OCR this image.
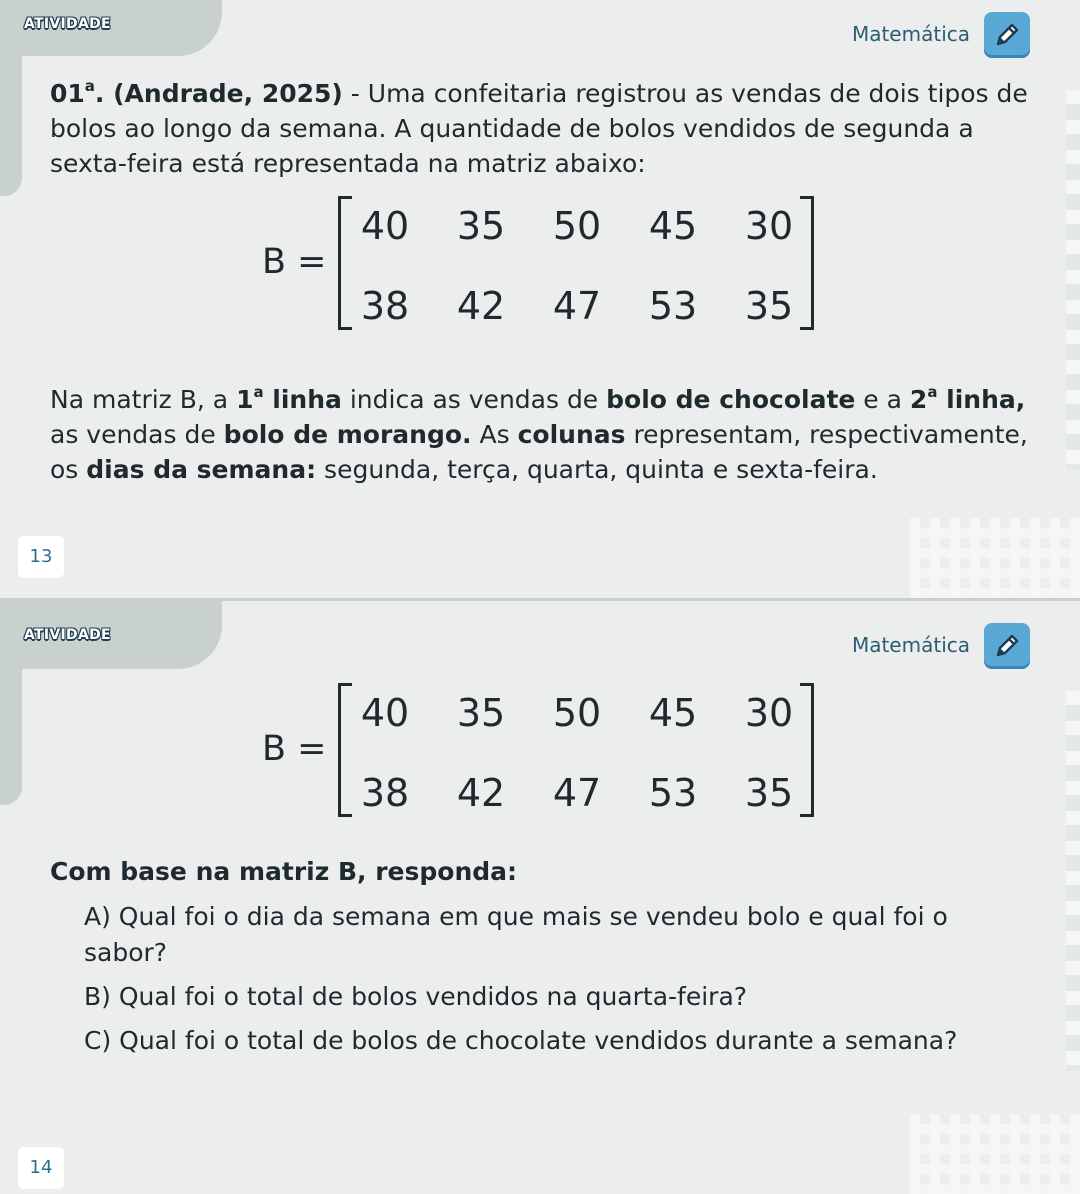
ATIVIDADE	Matemática

01$^a$. (Andrade, 2025) - Uma confeitaria registrou as vendas de dois tipos de bolos ao longo da semana. A quantidade de bolos vendidos de segunda a sexta-feira está representada na matriz abaixo:

B =
40 35 50 45 30
38 42 47 53 35

Na matriz B, a 1$^a$ linha indica as vendas de bolo de chocolate e a 2$^a$ linha, as vendas de bolo de morango. As colunas representam, respectivamente, os dias da semana: segunda, terça, quarta, quinta e sexta-feira.

13
ATIVIDADE	Matemática
B =
40 35 50 45 30
38 42 47 53 35
Com base na matriz B, responda:
A) Qual foi o dia da semana em que mais se vendeu bolo e qual foi o sabor?
B) Qual foi o total de bolos vendidos na quarta-feira?
C) Qual foi o total de bolos de chocolate vendidos durante a semana?
14
